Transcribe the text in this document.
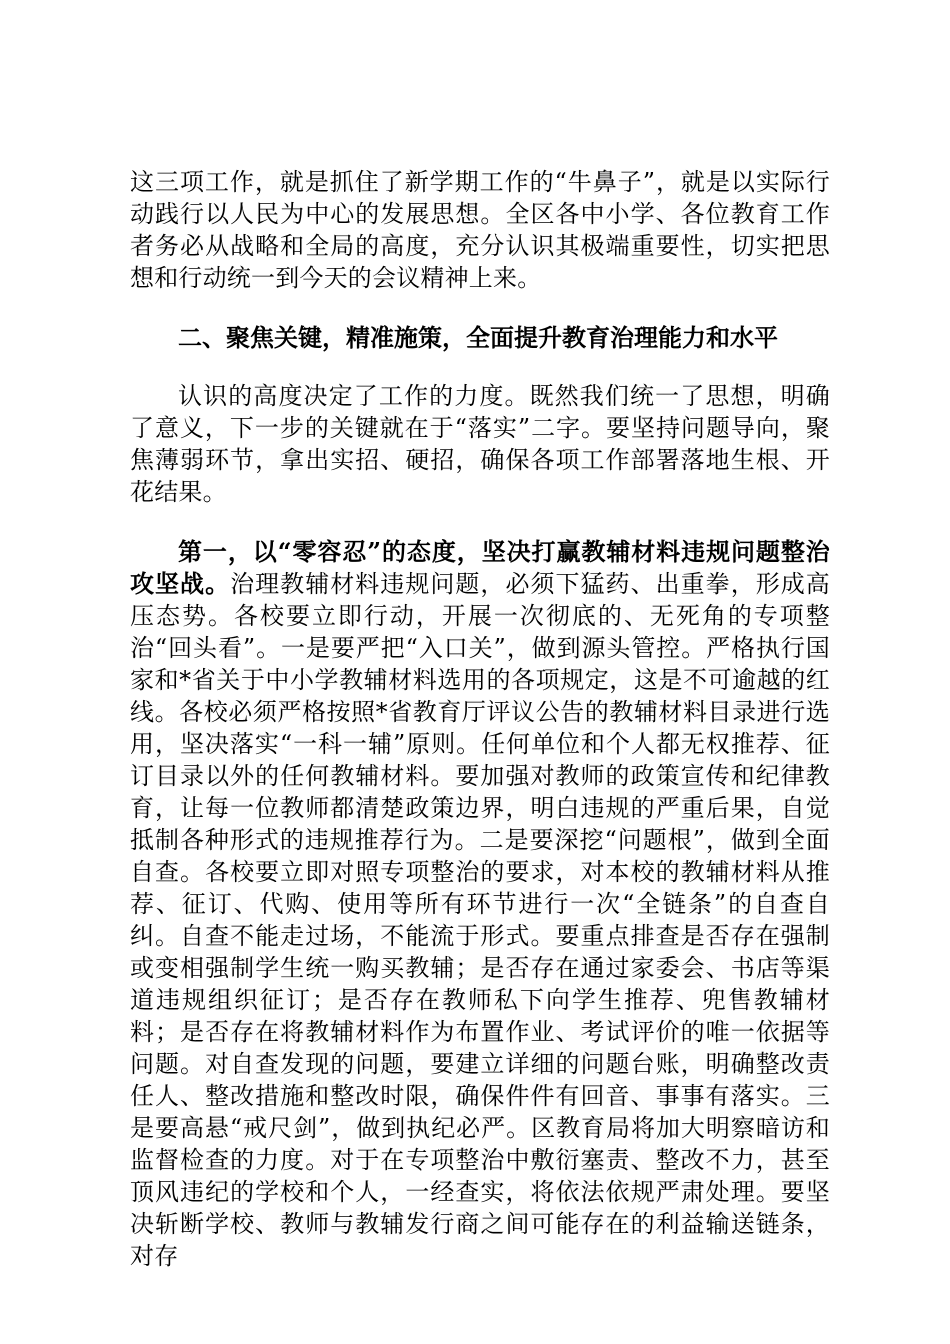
这三项工作，就是抓住了新学期工作的“牛鼻子”，就是以实际行动践行以人民为中心的发展思想。全区各中小学、各位教育工作者务必从战略和全局的高度，充分认识其极端重要性，切实把思想和行动统一到今天的会议精神上来。

二、聚焦关键，精准施策，全面提升教育治理能力和水平

认识的高度决定了工作的力度。既然我们统一了思想，明确了意义，下一步的关键就在于“落实”二字。要坚持问题导向，聚焦薄弱环节，拿出实招、硬招，确保各项工作部署落地生根、开花结果。

第一，以“零容忍”的态度，坚决打赢教辅材料违规问题整治攻坚战。治理教辅材料违规问题，必须下猛药、出重拳，形成高压态势。各校要立即行动，开展一次彻底的、无死角的专项整治“回头看”。一是要严把“入口关”，做到源头管控。严格执行国家和*省关于中小学教辅材料选用的各项规定，这是不可逾越的红线。各校必须严格按照*省教育厅评议公告的教辅材料目录进行选用，坚决落实“一科一辅”原则。任何单位和个人都无权推荐、征订目录以外的任何教辅材料。要加强对教师的政策宣传和纪律教育，让每一位教师都清楚政策边界，明白违规的严重后果，自觉抵制各种形式的违规推荐行为。二是要深挖“问题根”，做到全面自查。各校要立即对照专项整治的要求，对本校的教辅材料从推荐、征订、代购、使用等所有环节进行一次“全链条”的自查自纠。自查不能走过场，不能流于形式。要重点排查是否存在强制或变相强制学生统一购买教辅；是否存在通过家委会、书店等渠道违规组织征订；是否存在教师私下向学生推荐、兜售教辅材料；是否存在将教辅材料作为布置作业、考试评价的唯一依据等问题。对自查发现的问题，要建立详细的问题台账，明确整改责任人、整改措施和整改时限，确保件件有回音、事事有落实。三是要高悬“戒尺剑”，做到执纪必严。区教育局将加大明察暗访和监督检查的力度。对于在专项整治中敷衍塞责、整改不力，甚至顶风违纪的学校和个人，一经查实，将依法依规严肃处理。要坚决斩断学校、教师与教辅发行商之间可能存在的利益输送链条，对存
